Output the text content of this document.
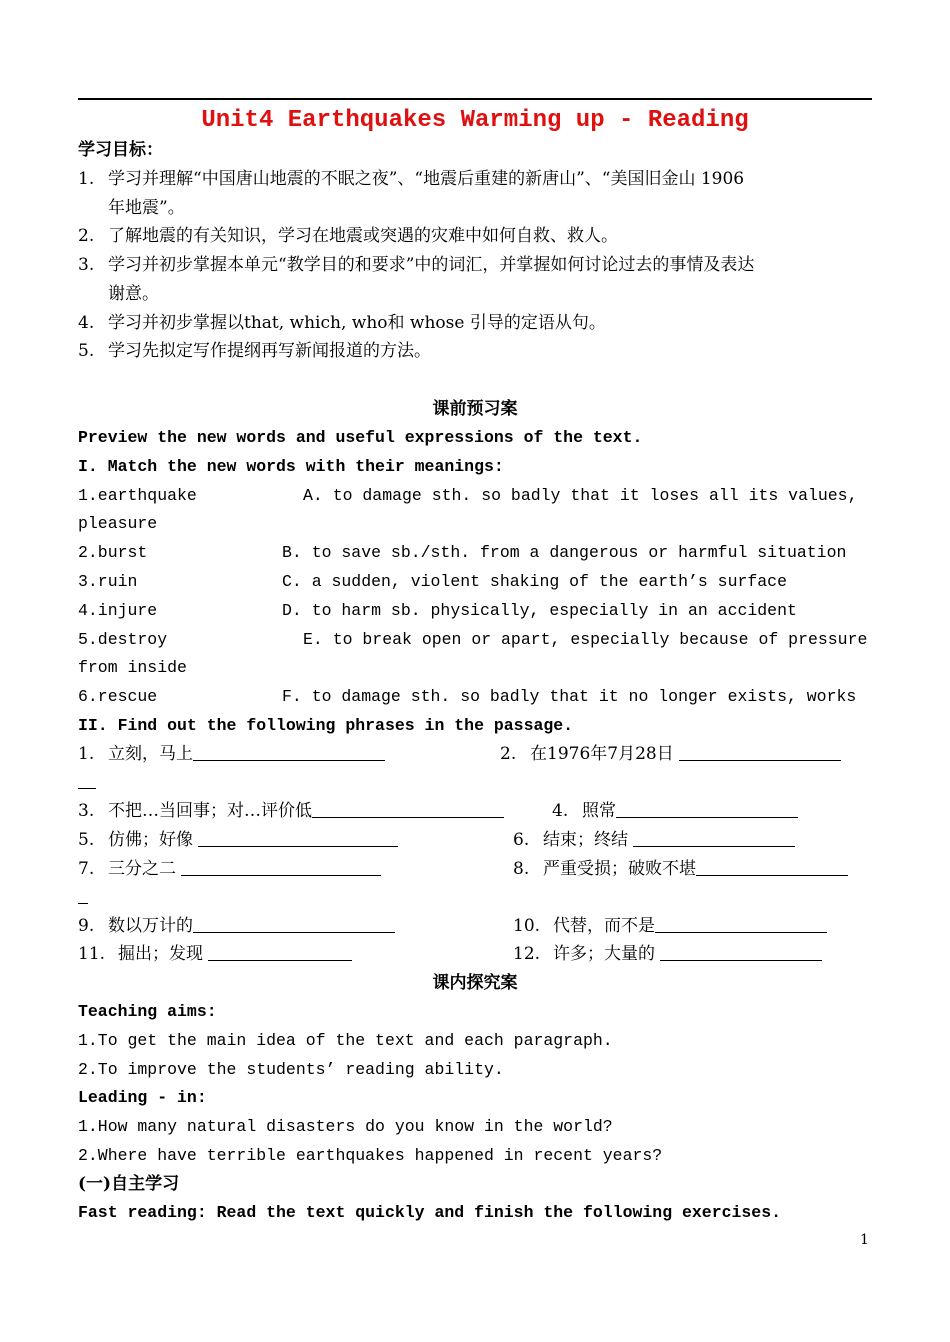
Unit4 Earthquakes Warming up - Reading
学习目标：
1. 学习并理解“中国唐山地震的不眠之夜”、“地震后重建的新唐山”、“美国旧金山 1906
年地震”。
2. 了解地震的有关知识，学习在地震或突遇的灾难中如何自救、救人。
3. 学习并初步掌握本单元“教学目的和要求”中的词汇，并掌握如何讨论过去的事情及表达
谢意。
4. 学习并初步掌握以that, which, who和 whose 引导的定语从句。
5. 学习先拟定写作提纲再写新闻报道的方法。
课前预习案
Preview the new words and useful expressions of the text.
I. Match the new words with their meanings:
1.earthquake	A. to damage sth. so badly that it loses all its values,
pleasure
2.burst	B. to save sb./sth. from a dangerous or harmful situation
3.ruin	C. a sudden, violent shaking of the earth’s surface
4.injure	D. to harm sb. physically, especially in an accident
5.destroy	E. to break open or apart, especially because of pressure
from inside
6.rescue	F. to damage sth. so badly that it no longer exists, works
II. Find out the following phrases in the passage.
1. 立刻，马上	2. 在1976年7月28日
3. 不把…当回事；对…评价低	4. 照常
5. 仿佛；好像	6. 结束；终结
7. 三分之二	8. 严重受损；破败不堪
9. 数以万计的	10. 代替，而不是
11. 掘出；发现	12. 许多；大量的
课内探究案
Teaching aims:
1.To get the main idea of the text and each paragraph.
2.To improve the students’ reading ability.
Leading - in:
1.How many natural disasters do you know in the world?
2.Where have terrible earthquakes happened in recent years?
(一)自主学习
Fast reading: Read the text quickly and finish the following exercises.
1
